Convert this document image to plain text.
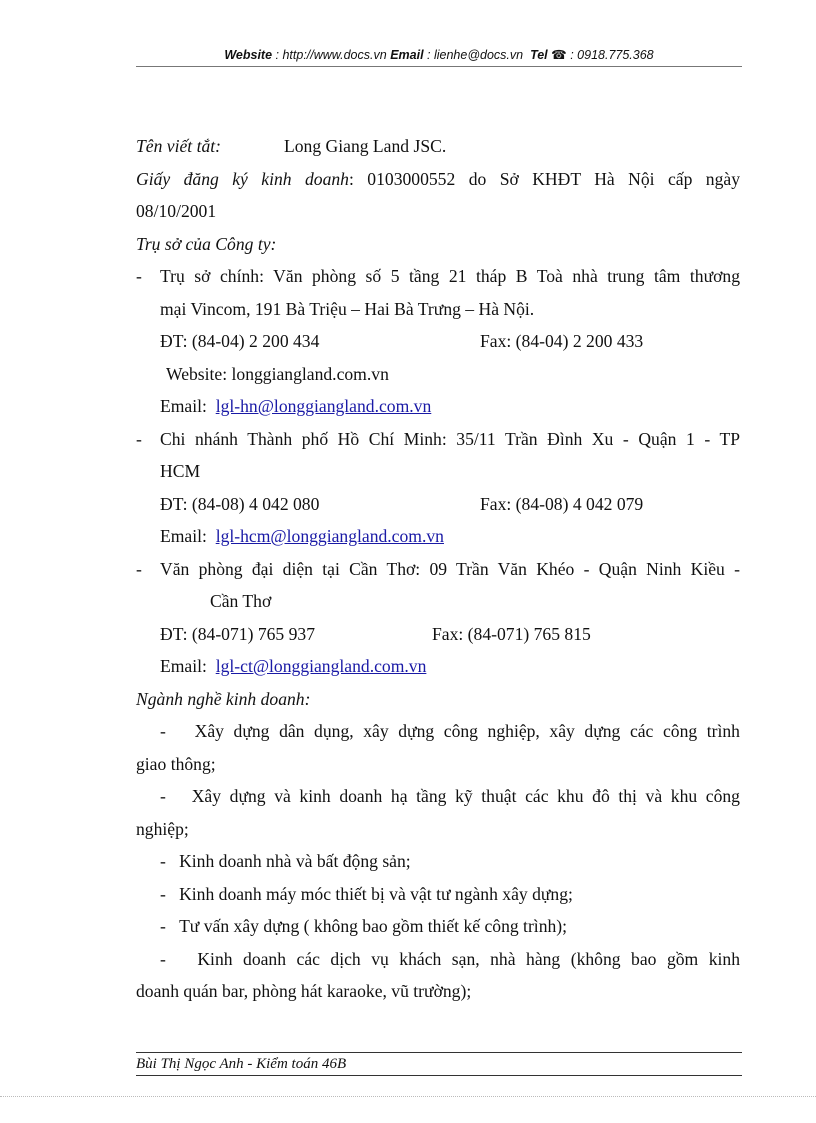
Website : http://www.docs.vn Email : lienhe@docs.vn Tel ☎ : 0918.775.368
Tên viết tắt:	Long Giang Land JSC.
Giấy đăng ký kinh doanh: 0103000552 do Sở KHĐT Hà Nội cấp ngày
08/10/2001
Trụ sở của Công ty:
-	Trụ sở chính: Văn phòng số 5 tầng 21 tháp B Toà nhà trung tâm thương
mại Vincom, 191 Bà Triệu – Hai Bà Trưng – Hà Nội.
ĐT: (84-04) 2 200 434	Fax: (84-04) 2 200 433
Website: longgiangland.com.vn
Email: lgl-hn@longgiangland.com.vn
-	Chi nhánh Thành phố Hồ Chí Minh: 35/11 Trần Đình Xu - Quận 1 - TP
HCM
ĐT: (84-08) 4 042 080	Fax: (84-08) 4 042 079
Email: lgl-hcm@longgiangland.com.vn
-	Văn phòng đại diện tại Cần Thơ: 09 Trần Văn Khéo - Quận Ninh Kiều -
Cần Thơ
ĐT: (84-071) 765 937	Fax: (84-071) 765 815
Email: lgl-ct@longgiangland.com.vn
Ngành nghề kinh doanh:
- Xây dựng dân dụng, xây dựng công nghiệp, xây dựng các công trình
giao thông;
- Xây dựng và kinh doanh hạ tầng kỹ thuật các khu đô thị và khu công
nghiệp;
- Kinh doanh nhà và bất động sản;
- Kinh doanh máy móc thiết bị và vật tư ngành xây dựng;
- Tư vấn xây dựng ( không bao gồm thiết kế công trình);
- Kinh doanh các dịch vụ khách sạn, nhà hàng (không bao gồm kinh
doanh quán bar, phòng hát karaoke, vũ trường);
Bùi Thị Ngọc Anh - Kiểm toán 46B
